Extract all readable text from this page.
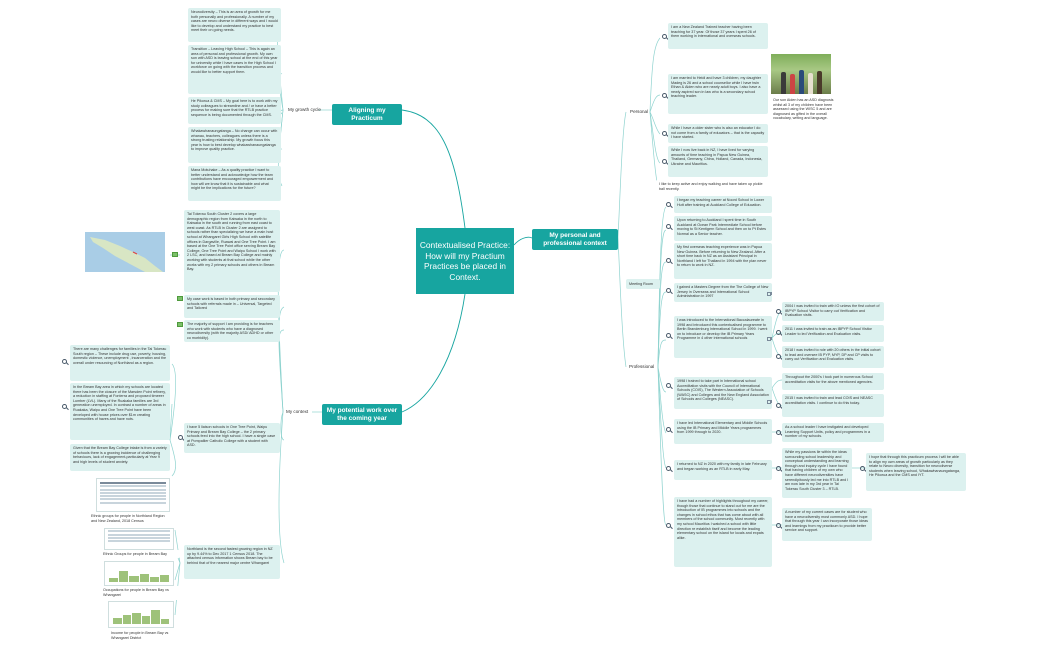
Contextualised Practice: How will my Practium Practices be placed in Context.
Aligning my Practicum
My personal and professional context
My potential work over the coming year
My growth cycle	Personal
Professional
My context
Meeting Room
Neurodiversity – This is an area of growth for me both personally and professionally. A number of my cases are neuro diverse in different ways and I would like to develop and understand my practice to best meet their on going needs.
Transition – Leaving High School – This is again an area of personal and professional growth. My own son with ASD is leaving school at the end of this year for university while I have cases in the High School I workforce on going with the transition process and would like to better support them.
He Pikorua & CMS – My goal here is to work with my study colleagues to streamline and / or have a better process for making sure that the RTLB practice sequence is being documented through the CMS.
Whakawhanaungatanga – No change can occur with whanau, teachers, colleagues unless there is a strong trusting relationship. My growth focus this year is how to best develop whakawhanaungatanga to improve quality practice.
Mana Motuhake – As a quality practice I want to better understand and acknowledge how the team contributions have encouraged empowerment and how will we know that it is sustainable and what might be the implications for the future?
Tai Tokerau South Cluster 2 covers a large demographic region from Kaiwaka in the north to Kaiwaka in the south and running from east coast to west coast. As RTLB in Cluster 2 are assigned to schools rather than specializing we have a main host school at Whangarei Girls High School with satellite offices in Dargaville, Ruawai and One Tree Point. I am based at the One Tree Point office serving Bream Bay College, One Tree Point and Waipu School I work with 2 LSC, and based at Bream Bay College and mainly working with students at that school while the other works with my 2 primary schools and others in Bream Bay.
My case work is based in both primary and secondary schools with referrals made in – Universal, Targeted and Tailored
The majority of support I am providing is for teachers who work with students who have a diagnosed neurodiversity (with the majority ASD/ ADHD or other co morbidity).
I have 5 liaison schools in One Tree Point, Waipu Primary and Bream Bay College – the 2 primary schools feed into the high school. I have a single case at Pompallier Catholic College with a student with ASD.
Northland is the second fastest growing region in NZ up by 9.44% to Dec 2017 1 Census 2018. The attached census information shows Bream bay to be behind that of the nearest major centre Whangarei
There are many challenges for families in the Tai Tokerau South region – These include drug use, poverty, housing, domestic violence, unemployment , incarceration and the overall under resourcing of Northland as a region.
In the Bream Bay area in which my schools are located there has been the closure of the Marsden Point refinery, a reduction in staffing at Fonterra and proposed timeeer Lumber (LVL). Many of the Ruakaka families are 3rd generation unemployed. In contrast a number of areas in Ruakaka, Waipu and One Tree Point have been developed with house prices over $1m creating communities of haves and have nots.
Given that the Bream Bay College intake is from a variety of schools there is a growing incidence of challenging behaviours, lack of engagement-particularly at Year 9 and high levels of student anxiety.
Ethnic groups for people in Northland Region and New Zealand, 2018 Census
Ethnic Groups for people in Bream Bay
Occupations for people in Bream Bay vs Whangarei
Income for people in Bream Bay vs Whangarei District
I am a New Zealand Trained teacher having been teaching for 37 year. Of those 37 years I spent 26 of them working in international and overseas schools.
I am married to Heidi and have 3 children, my daughter Madeg is 26 and a school counsellor while I have twin Ethan & Aiden who are nearly adult boys. I also have a newly aspired son in law who is a secondary school teaching leader.
Our son Aiden has an ASD diagnosis whilst all 3 of my children have been assessed using the WISC 5 and are diagnosed as gifted in the overall vocabulary, writing and language.
While I have a older sister who is also an educator I do not come from a family of educators – that is the capacity I have started.
While I now live back in NZ, I have lived for varying amounts of time teaching in Papua New Guinea, Thailand, Germany, China, Holland, Canada, Indonesia, Ukraine and Mauritius.
I like to keep active and enjoy walking and have taken up pickle ball recently.
I began my teaching career at Noord School in Lower Hutt after training at Auckland College of Education.
Upon returning to Auckland I spent time in South Auckland at Ocean Park Intermediate School before moving to St Kentigern School and then on to Pt Estes Normal as a Senior teacher.
My first overseas teaching experience was in Papua New Guinea. Before returning to New Zealand. After a short time back in NZ as an Assistant Principal in Northland I left for Thailand in 1994 with the plan never to return to work in NZ.
I gained a Masters Degree from the The College of New Jersey in Overseas and International School Administration in 1997
I was introduced to the International Baccalaureate in 1998 and introduced this contextualised programme to Berlin Brandenburg International School in 1999. I went on to introduce or develop the IB Primary Years Programme in 4 other international schools
1998 I trained to take part in International school Accreditation visits with the Council of International Schools (COIS), The Western Association of Schools (WASC) and Colleges and the New England Association of Schools and Colleges (NEASC).
I have led International Elementary and Middle Schools using the IB Primary and Middle Years programmes from 1999 through to 2020.
I returned to NZ in 2020 with my family in late February and began working as an RTLB in early May.
I have had a number of highlights throughout my career, though those that continue to stand out for me are the introduction of IB programmes into schools and the changes in school ethos that has come about with all members of the school community. Most recently with my school Mauritius I watched a school with little direction re establish itself and become the leading elementary school on the island for locals and expats alike.
2004 I was invited to train with IO unless the first cohort of IBPYP School Visitor to carry out Verification and Evaluation visits.
2011 I was invited to train as an IBPYP School Visitor Leader to led Verification and Evaluation visits.
2018 I was invited to role with 20 others in the initial cohort to lead and oversee IB PYP, MYP, DP and CP visits to carry out Verification and Evaluation visits.
Throughout the 2000's I took part in numerous School accreditation visits for the above mentioned agencies.
2015 I was invited to train and lead COIS and NEASC accreditation visits. I continue to do this today.
As a school leader I have instigated and developed Learning Support Units, policy and programmes in a number of my schools.
While my passions lie within the ideas surrounding school leadership and conceptual understanding and learning through and inquiry cycle I have found that having children of my own who have different neurodiversities have serendipitously led me into RTLB and I am now late in my 3rd year in Tai Tokerau South Cluster 3 – RTLB.
A number of my current cases are for student who have a neurodiversity most commonly ASD. I hope that through this year I can incorporate those ideas and learnings from my practicum to provide better service and support.
I hope that through this practicum process I will be able to align my own areas of growth particularly as they relate to Neuro diversity, transition for neurodiverse students when leaving school, Whakawhanaungatanga, He Pikorua and the CMS and IYT.
